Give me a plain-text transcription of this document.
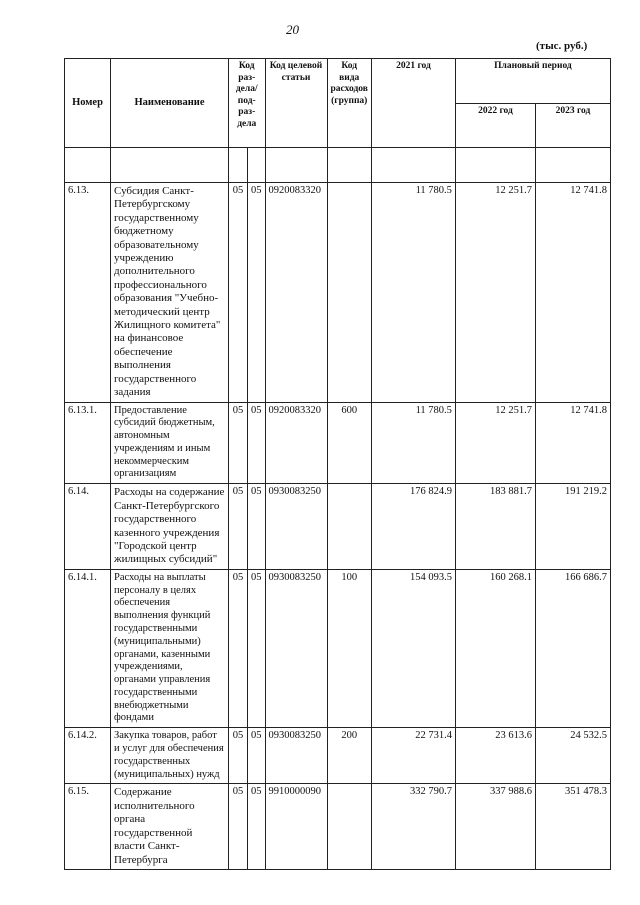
20
(тыс. руб.)
Номер	Наименование	Код раз-дела/ под-раз-дела		Код целевой статьи	Код вида расходов (группа)	2021 год	Плановый период	
							2022 год	2023 год

6.13.	Субсидия Санкт-Петербургскому государственному бюджетному образовательному учреждению дополнительного профессионального образования "Учебно-методический центр Жилищного комитета" на финансовое обеспечение выполнения государственного задания	05	05	0920083320		11 780.5	12 251.7	12 741.8
6.13.1.	Предоставление субсидий бюджетным, автономным учреждениям и иным некоммерческим организациям	05	05	0920083320	600	11 780.5	12 251.7	12 741.8
6.14.	Расходы на содержание Санкт-Петербургского государственного казенного учреждения "Городской центр жилищных субсидий"	05	05	0930083250		176 824.9	183 881.7	191 219.2
6.14.1.	Расходы на выплаты персоналу в целях обеспечения выполнения функций государственными (муниципальными) органами, казенными учреждениями, органами управления государственными внебюджетными фондами	05	05	0930083250	100	154 093.5	160 268.1	166 686.7
6.14.2.	Закупка товаров, работ и услуг для обеспечения государственных (муниципальных) нужд	05	05	0930083250	200	22 731.4	23 613.6	24 532.5
6.15.	Содержание исполнительного органа государственной власти Санкт-Петербурга	05	05	9910000090		332 790.7	337 988.6	351 478.3
